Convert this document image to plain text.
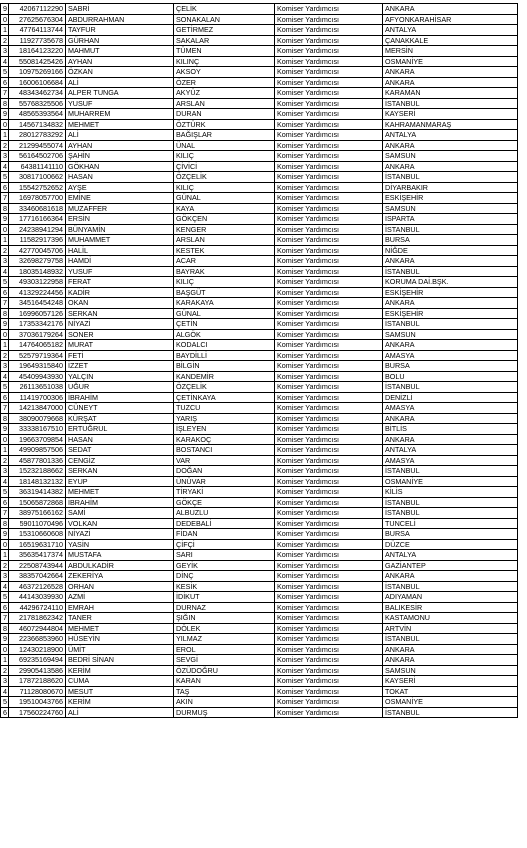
9	42067112290	SABRİ	ÇELİK	Komiser Yardımcısı	ANKARA
0	27625676304	ABDURRAHMAN	SONAKALAN	Komiser Yardımcısı	AFYONKARAHİSAR
1	47764113744	TAYFUR	GETİRMEZ	Komiser Yardımcısı	ANTALYA
2	11927735678	GÜRHAN	SAKALAR	Komiser Yardımcısı	ÇANAKKALE
3	18164123220	MAHMUT	TÜMEN	Komiser Yardımcısı	MERSİN
4	55081425426	AYHAN	KILINÇ	Komiser Yardımcısı	OSMANİYE
5	10975269166	ÖZKAN	AKSOY	Komiser Yardımcısı	ANKARA
6	16006106684	ALİ	ÖZER	Komiser Yardımcısı	ANKARA
7	48343462734	ALPER TUNGA	AKYÜZ	Komiser Yardımcısı	KARAMAN
8	55768325506	YUSUF	ARSLAN	Komiser Yardımcısı	İSTANBUL
9	48565393564	MUHARREM	DURAN	Komiser Yardımcısı	KAYSERİ
0	14567134832	MEHMET	ÖZTÜRK	Komiser Yardımcısı	KAHRAMANMARAŞ
1	28012783292	ALİ	BAĞIŞLAR	Komiser Yardımcısı	ANTALYA
2	21299455074	AYHAN	ÜNAL	Komiser Yardımcısı	ANKARA
3	56164502706	ŞAHİN	KILIÇ	Komiser Yardımcısı	SAMSUN
4	64381141110	GÖKHAN	ÇİVİCİ	Komiser Yardımcısı	ANKARA
5	30817100662	HASAN	ÖZÇELİK	Komiser Yardımcısı	İSTANBUL
6	15542752652	AYŞE	KILIÇ	Komiser Yardımcısı	DİYARBAKIR
7	16978057700	EMİNE	GÜNAL	Komiser Yardımcısı	ESKİŞEHİR
8	33460681618	MUZAFFER	KAYA	Komiser Yardımcısı	SAMSUN
9	17716166364	ERSİN	GÖKÇEN	Komiser Yardımcısı	ISPARTA
0	24238941294	BÜNYAMİN	KENGER	Komiser Yardımcısı	İSTANBUL
1	11582917396	MUHAMMET	ARSLAN	Komiser Yardımcısı	BURSA
2	42770045706	HALİL	KESTEK	Komiser Yardımcısı	NİĞDE
3	32698279758	HAMDİ	ACAR	Komiser Yardımcısı	ANKARA
4	18035148932	YUSUF	BAYRAK	Komiser Yardımcısı	İSTANBUL
5	49303122958	FERAT	KILIÇ	Komiser Yardımcısı	KORUMA DAİ.BŞK.
6	41329224456	KADİR	BAŞGÜT	Komiser Yardımcısı	ESKİŞEHİR
7	34516454248	OKAN	KARAKAYA	Komiser Yardımcısı	ANKARA
8	16996057126	SERKAN	GÜNAL	Komiser Yardımcısı	ESKİŞEHİR
9	17353342176	NİYAZİ	ÇETİN	Komiser Yardımcısı	İSTANBUL
0	37036179264	SONER	ALGÖK	Komiser Yardımcısı	SAMSUN
1	14764065182	MURAT	KODALCI	Komiser Yardımcısı	ANKARA
2	52579719364	FETİ	BAYDİLLİ	Komiser Yardımcısı	AMASYA
3	19649315840	İZZET	BİLGİN	Komiser Yardımcısı	BURSA
4	45409943930	YALÇIN	KANDEMİR	Komiser Yardımcısı	BOLU
5	26113651038	UĞUR	ÖZÇELİK	Komiser Yardımcısı	İSTANBUL
6	11419700306	İBRAHİM	ÇETİNKAYA	Komiser Yardımcısı	DENİZLİ
7	14213847000	CÜNEYT	TUZCU	Komiser Yardımcısı	AMASYA
8	38090079668	KÜRŞAT	YARIŞ	Komiser Yardımcısı	ANKARA
9	33338167510	ERTUĞRUL	İŞLEYEN	Komiser Yardımcısı	BİTLİS
0	19663709854	HASAN	KARAKOÇ	Komiser Yardımcısı	ANKARA
1	49909857506	SEDAT	BOSTANCI	Komiser Yardımcısı	ANTALYA
2	45877801336	CENGİZ	VAR	Komiser Yardımcısı	AMASYA
3	15232188662	SERKAN	DOĞAN	Komiser Yardımcısı	İSTANBUL
4	18148132132	EYUP	ÜNÜVAR	Komiser Yardımcısı	OSMANİYE
5	36319414382	MEHMET	TİRYAKİ	Komiser Yardımcısı	KİLİS
6	15065872868	İBRAHİM	GÖKÇE	Komiser Yardımcısı	İSTANBUL
7	38975166162	SAMİ	ALBUZLU	Komiser Yardımcısı	İSTANBUL
8	59011070496	VOLKAN	DEDEBALİ	Komiser Yardımcısı	TUNCELİ
9	15310660608	NİYAZİ	FİDAN	Komiser Yardımcısı	BURSA
0	16519631710	YASİN	ÇİFÇİ	Komiser Yardımcısı	DÜZCE
1	35635417374	MUSTAFA	SARI	Komiser Yardımcısı	ANTALYA
2	22508743944	ABDULKADİR	GEYİK	Komiser Yardımcısı	GAZİANTEP
3	38357042664	ZEKERİYA	DİNÇ	Komiser Yardımcısı	ANKARA
4	46372126528	ORHAN	KESİK	Komiser Yardımcısı	İSTANBUL
5	44143039930	AZMİ	İDİKUT	Komiser Yardımcısı	ADIYAMAN
6	44296724110	EMRAH	DURNAZ	Komiser Yardımcısı	BALIKESİR
7	21781862342	TANER	ŞIĞIN	Komiser Yardımcısı	KASTAMONU
8	46072944804	MEHMET	DÖLEK	Komiser Yardımcısı	ARTVİN
9	22366853960	HÜSEYİN	YILMAZ	Komiser Yardımcısı	İSTANBUL
0	12430218900	ÜMİT	EROL	Komiser Yardımcısı	ANKARA
1	69235169494	BEDRİ SİNAN	SEVGİ	Komiser Yardımcısı	ANKARA
2	29905413586	KERİM	ÖZÜDOĞRU	Komiser Yardımcısı	SAMSUN
3	17872188620	CUMA	KARAN	Komiser Yardımcısı	KAYSERİ
4	71128080670	MESUT	TAŞ	Komiser Yardımcısı	TOKAT
5	19510043766	KERİM	AKIN	Komiser Yardımcısı	OSMANİYE
6	17560224760	ALİ	DURMUŞ	Komiser Yardımcısı	İSTANBUL
